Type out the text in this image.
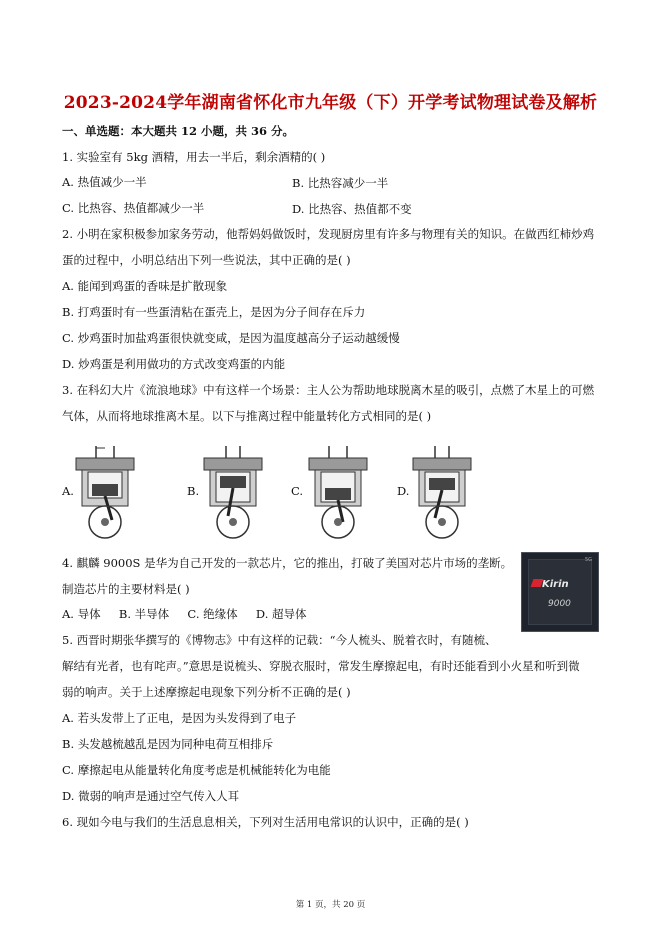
2023-2024学年湖南省怀化市九年级（下）开学考试物理试卷及解析
一、单选题：本大题共 12 小题，共 36 分。
1. 实验室有 5kg 酒精，用去一半后，剩余酒精的( )
A. 热值减少一半	B. 比热容减少一半
C. 比热容、热值都减少一半	D. 比热容、热值都不变
2. 小明在家积极参加家务劳动，他帮妈妈做饭时，发现厨房里有许多与物理有关的知识。在做西红柿炒鸡
蛋的过程中，小明总结出下列一些说法，其中正确的是( )
A. 能闻到鸡蛋的香味是扩散现象
B. 打鸡蛋时有一些蛋清粘在蛋壳上，是因为分子间存在斥力
C. 炒鸡蛋时加盐鸡蛋很快就变咸，是因为温度越高分子运动越缓慢
D. 炒鸡蛋是利用做功的方式改变鸡蛋的内能
3. 在科幻大片《流浪地球》中有这样一个场景：主人公为帮助地球脱离木星的吸引，点燃了木星上的可燃
气体，从而将地球推离木星。以下与推离过程中能量转化方式相同的是( )
A.	B.	C.	D.
4. 麒麟 9000S 是华为自己开发的一款芯片，它的推出，打破了美国对芯片市场的垄断。
制造芯片的主要材料是( )
A. 导体     B. 半导体     C. 绝缘体     D. 超导体
5G
Kirin
9000
5. 西晋时期张华撰写的《博物志》中有这样的记载：“今人梳头、脱着衣时，有随梳、
解结有光者，也有咤声。”意思是说梳头、穿脱衣服时，常发生摩擦起电，有时还能看到小火星和听到微
弱的响声。关于上述摩擦起电现象下列分析不正确的是( )
A. 若头发带上了正电，是因为头发得到了电子
B. 头发越梳越乱是因为同种电荷互相排斥
C. 摩擦起电从能量转化角度考虑是机械能转化为电能
D. 微弱的响声是通过空气传入人耳
6. 现如今电与我们的生活息息相关，下列对生活用电常识的认识中，正确的是( )
第 1 页，共 20 页
